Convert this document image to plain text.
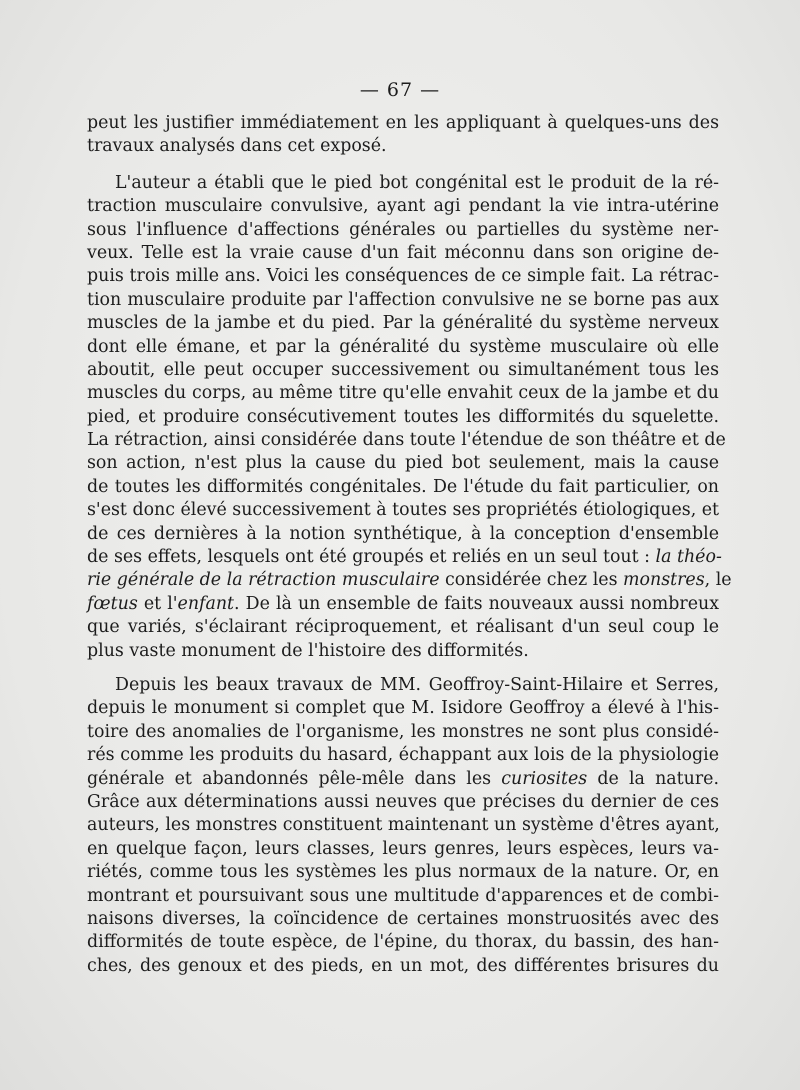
— 67 —
peut les justifier immédiatement en les appliquant à quelques-uns des
travaux analysés dans cet exposé.
L'auteur a établi que le pied bot congénital est le produit de la ré-
traction musculaire convulsive, ayant agi pendant la vie intra-utérine
sous l'influence d'affections générales ou partielles du système ner-
veux. Telle est la vraie cause d'un fait méconnu dans son origine de-
puis trois mille ans. Voici les conséquences de ce simple fait. La rétrac-
tion musculaire produite par l'affection convulsive ne se borne pas aux
muscles de la jambe et du pied. Par la généralité du système nerveux
dont elle émane, et par la généralité du système musculaire où elle
aboutit, elle peut occuper successivement ou simultanément tous les
muscles du corps, au même titre qu'elle envahit ceux de la jambe et du
pied, et produire consécutivement toutes les difformités du squelette.
La rétraction, ainsi considérée dans toute l'étendue de son théâtre et de
son action, n'est plus la cause du pied bot seulement, mais la cause
de toutes les difformités congénitales. De l'étude du fait particulier, on
s'est donc élevé successivement à toutes ses propriétés étiologiques, et
de ces dernières à la notion synthétique, à la conception d'ensemble
de ses effets, lesquels ont été groupés et reliés en un seul tout : la théo-
rie générale de la rétraction musculaire considérée chez les monstres, le
fœtus et l'enfant. De là un ensemble de faits nouveaux aussi nombreux
que variés, s'éclairant réciproquement, et réalisant d'un seul coup le
plus vaste monument de l'histoire des difformités.
Depuis les beaux travaux de MM. Geoffroy-Saint-Hilaire et Serres,
depuis le monument si complet que M. Isidore Geoffroy a élevé à l'his-
toire des anomalies de l'organisme, les monstres ne sont plus considé-
rés comme les produits du hasard, échappant aux lois de la physiologie
générale et abandonnés pêle-mêle dans les curiosites de la nature.
Grâce aux déterminations aussi neuves que précises du dernier de ces
auteurs, les monstres constituent maintenant un système d'êtres ayant,
en quelque façon, leurs classes, leurs genres, leurs espèces, leurs va-
riétés, comme tous les systèmes les plus normaux de la nature. Or, en
montrant et poursuivant sous une multitude d'apparences et de combi-
naisons diverses, la coïncidence de certaines monstruosités avec des
difformités de toute espèce, de l'épine, du thorax, du bassin, des han-
ches, des genoux et des pieds, en un mot, des différentes brisures du
